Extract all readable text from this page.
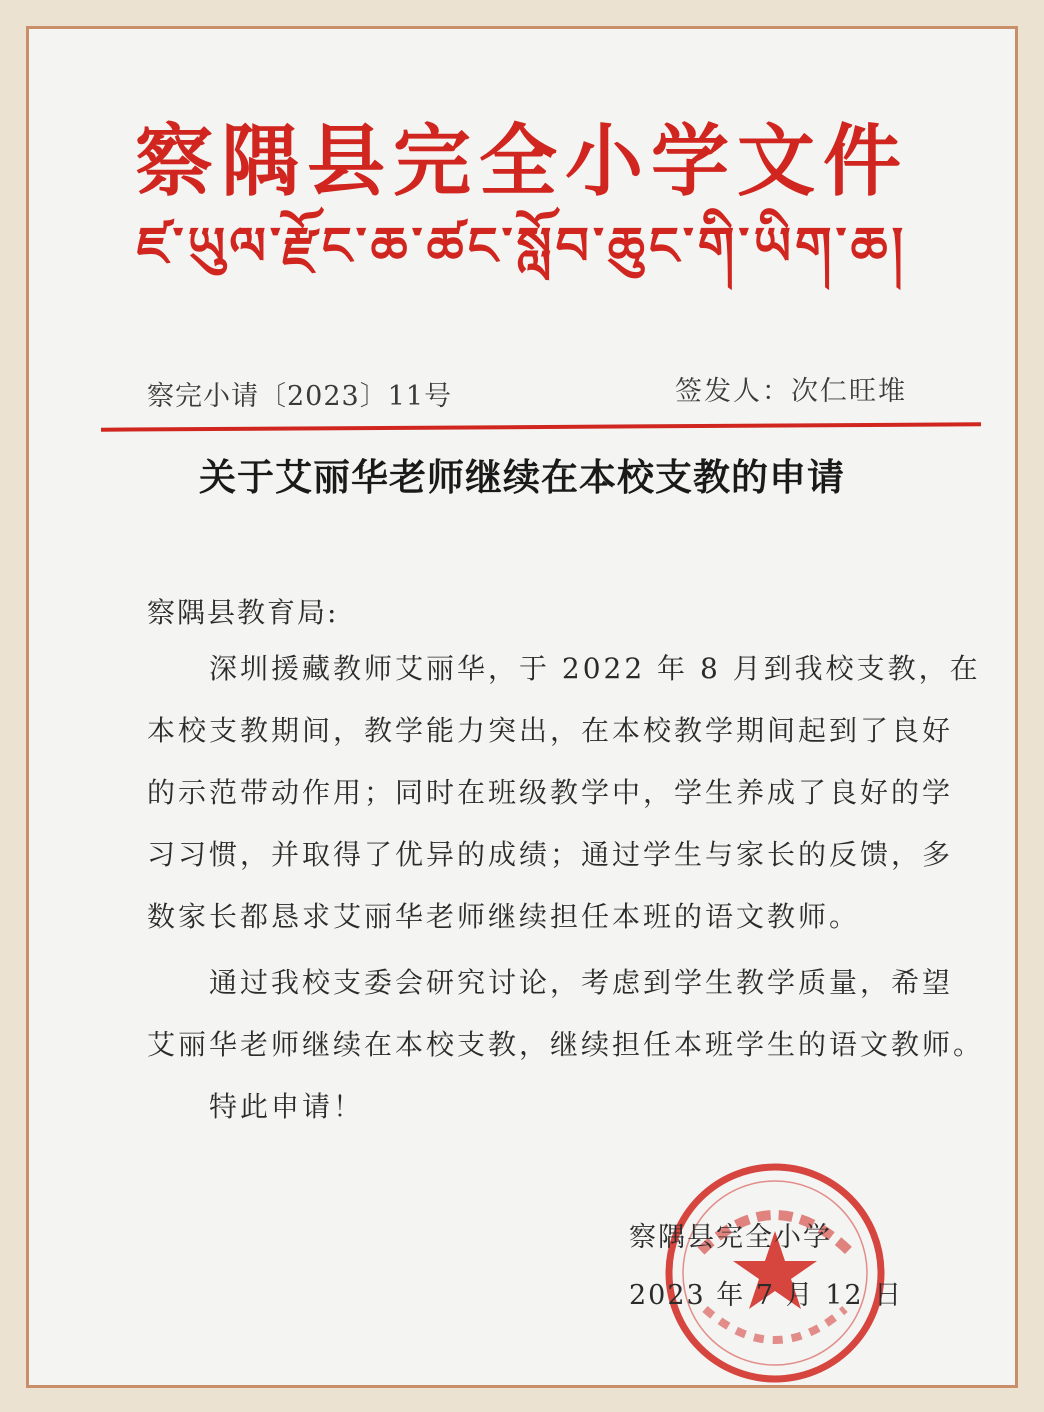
察隅县完全小学文件
ཛ་ཡུལ་རྫོང་ཆ་ཚང་སློབ་ཆུང་གི་ཡིག་ཆ།
察完小请〔2023〕11号	签发人：次仁旺堆
关于艾丽华老师继续在本校支教的申请
察隅县教育局:
　　深圳援藏教师艾丽华，于 2022 年 8 月到我校支教，在
本校支教期间，教学能力突出，在本校教学期间起到了良好
的示范带动作用；同时在班级教学中，学生养成了良好的学
习习惯，并取得了优异的成绩；通过学生与家长的反馈，多
数家长都恳求艾丽华老师继续担任本班的语文教师。
　　通过我校支委会研究讨论，考虑到学生教学质量，希望
艾丽华老师继续在本校支教，继续担任本班学生的语文教师。
　　特此申请！
察隅县完全小学
2023 年 7 月 12 日
